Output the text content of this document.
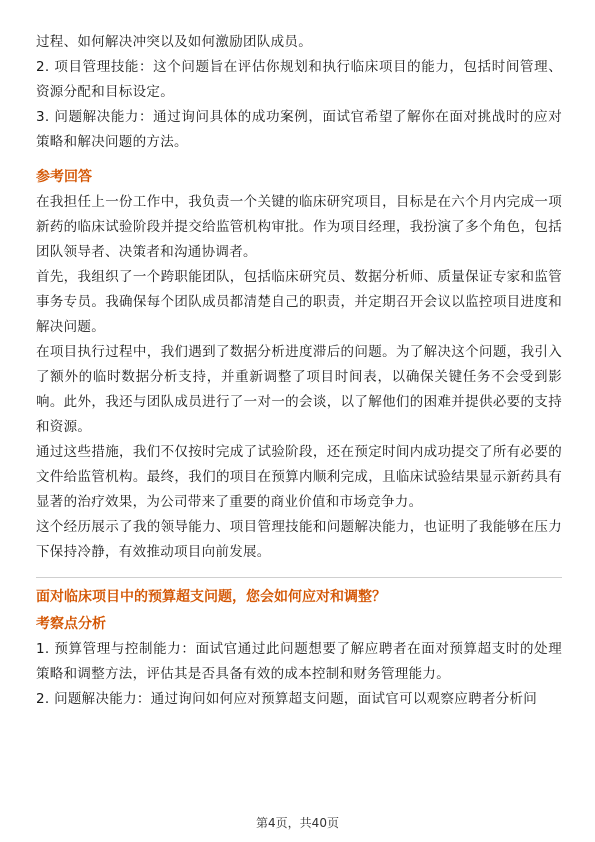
过程、如何解决冲突以及如何激励团队成员。

2. 项目管理技能：这个问题旨在评估你规划和执行临床项目的能力，包括时间管理、资源分配和目标设定。

3. 问题解决能力：通过询问具体的成功案例，面试官希望了解你在面对挑战时的应对策略和解决问题的方法。

参考回答

在我担任上一份工作中，我负责一个关键的临床研究项目，目标是在六个月内完成一项新药的临床试验阶段并提交给监管机构审批。作为项目经理，我扮演了多个角色，包括团队领导者、决策者和沟通协调者。

首先，我组织了一个跨职能团队，包括临床研究员、数据分析师、质量保证专家和监管事务专员。我确保每个团队成员都清楚自己的职责，并定期召开会议以监控项目进度和解决问题。

在项目执行过程中，我们遇到了数据分析进度滞后的问题。为了解决这个问题，我引入了额外的临时数据分析支持，并重新调整了项目时间表，以确保关键任务不会受到影响。此外，我还与团队成员进行了一对一的会谈，以了解他们的困难并提供必要的支持和资源。

通过这些措施，我们不仅按时完成了试验阶段，还在预定时间内成功提交了所有必要的文件给监管机构。最终，我们的项目在预算内顺利完成，且临床试验结果显示新药具有显著的治疗效果，为公司带来了重要的商业价值和市场竞争力。

这个经历展示了我的领导能力、项目管理技能和问题解决能力，也证明了我能够在压力下保持冷静，有效推动项目向前发展。

面对临床项目中的预算超支问题，您会如何应对和调整？

考察点分析

1. 预算管理与控制能力：面试官通过此问题想要了解应聘者在面对预算超支时的处理策略和调整方法，评估其是否具备有效的成本控制和财务管理能力。

2. 问题解决能力：通过询问如何应对预算超支问题，面试官可以观察应聘者分析问

第4页，共40页
